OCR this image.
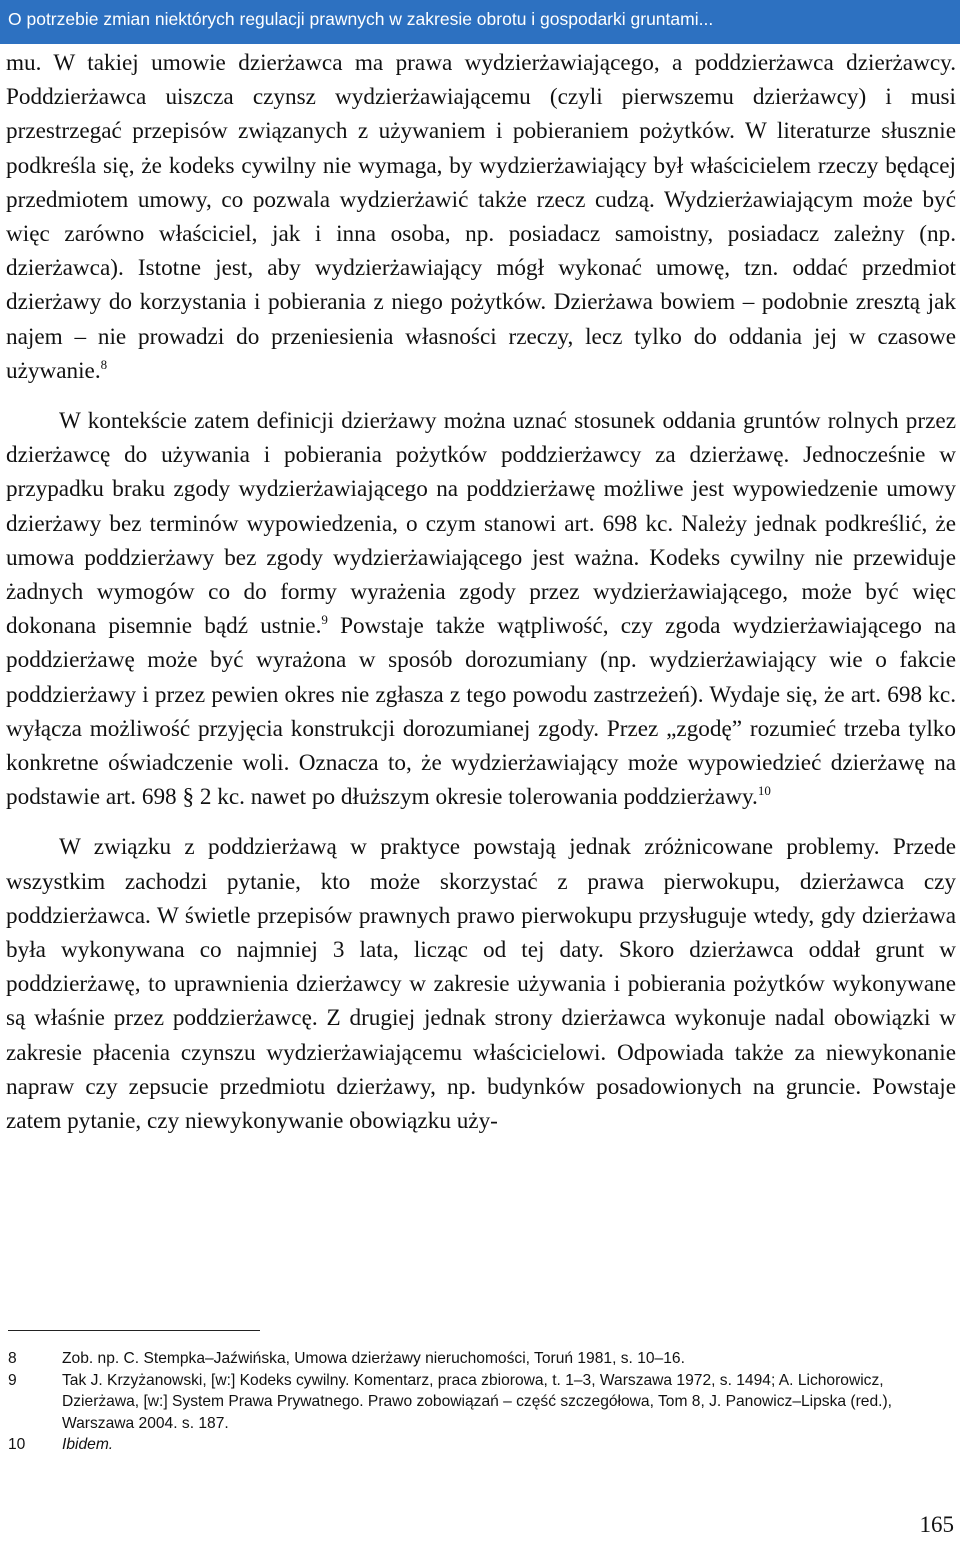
O potrzebie zmian niektórych regulacji prawnych w zakresie obrotu i gospodarki gruntami...

mu. W takiej umowie dzierżawca ma prawa wydzierżawiającego, a poddzierżawca dzierżawcy. Poddzierżawca uiszcza czynsz wydzierżawiającemu (czyli pierwszemu dzierżawcy) i musi przestrzegać przepisów związanych z używaniem i pobieraniem pożytków. W literaturze słusznie podkreśla się, że kodeks cywilny nie wymaga, by wydzierżawiający był właścicielem rzeczy będącej przedmiotem umowy, co pozwala wydzierżawić także rzecz cudzą. Wydzierżawiającym może być więc zarówno właściciel, jak i inna osoba, np. posiadacz samoistny, posiadacz zależny (np. dzierżawca). Istotne jest, aby wydzierżawiający mógł wykonać umowę, tzn. oddać przedmiot dzierżawy do korzystania i pobierania z niego pożytków. Dzierżawa bowiem – podobnie zresztą jak najem – nie prowadzi do przeniesienia własności rzeczy, lecz tylko do oddania jej w czasowe używanie.$^8$

W kontekście zatem definicji dzierżawy można uznać stosunek oddania gruntów rolnych przez dzierżawcę do używania i pobierania pożytków poddzierżawcy za dzierżawę. Jednocześnie w przypadku braku zgody wydzierżawiającego na poddzierżawę możliwe jest wypowiedzenie umowy dzierżawy bez terminów wypowiedzenia, o czym stanowi art. 698 kc. Należy jednak podkreślić, że umowa poddzierżawy bez zgody wydzierżawiającego jest ważna. Kodeks cywilny nie przewiduje żadnych wymogów co do formy wyrażenia zgody przez wydzierżawiającego, może być więc dokonana pisemnie bądź ustnie.$^9$ Powstaje także wątpliwość, czy zgoda wydzierżawiającego na poddzierżawę może być wyrażona w sposób dorozumiany (np. wydzierżawiający wie o fakcie poddzierżawy i przez pewien okres nie zgłasza z tego powodu zastrzeżeń). Wydaje się, że art. 698 kc. wyłącza możliwość przyjęcia konstrukcji dorozumianej zgody. Przez „zgodę” rozumieć trzeba tylko konkretne oświadczenie woli. Oznacza to, że wydzierżawiający może wypowiedzieć dzierżawę na podstawie art. 698 § 2 kc. nawet po dłuższym okresie tolerowania poddzierżawy.$^{10}$

W związku z poddzierżawą w praktyce powstają jednak zróżnicowane problemy. Przede wszystkim zachodzi pytanie, kto może skorzystać z prawa pierwokupu, dzierżawca czy poddzierżawca. W świetle przepisów prawnych prawo pierwokupu przysługuje wtedy, gdy dzierżawa była wykonywana co najmniej 3 lata, licząc od tej daty. Skoro dzierżawca oddał grunt w poddzierżawę, to uprawnienia dzierżawcy w zakresie używania i pobierania pożytków wykonywane są właśnie przez poddzierżawcę. Z drugiej jednak strony dzierżawca wykonuje nadal obowiązki w zakresie płacenia czynszu wydzierżawiającemu właścicielowi. Odpowiada także za niewykonanie napraw czy zepsucie przedmiotu dzierżawy, np. budynków posadowionych na gruncie. Powstaje zatem pytanie, czy niewykonywanie obowiązku uży-

8	Zob. np. C. Stempka–Jaźwińska, Umowa dzierżawy nieruchomości, Toruń 1981, s. 10–16.
9	Tak J. Krzyżanowski, [w:] Kodeks cywilny. Komentarz, praca zbiorowa, t. 1–3, Warszawa 1972, s. 1494; A. Lichorowicz, Dzierżawa, [w:] System Prawa Prywatnego. Prawo zobowiązań – część szczegółowa, Tom 8, J. Panowicz–Lipska (red.), Warszawa 2004. s. 187.
10	Ibidem.
165
